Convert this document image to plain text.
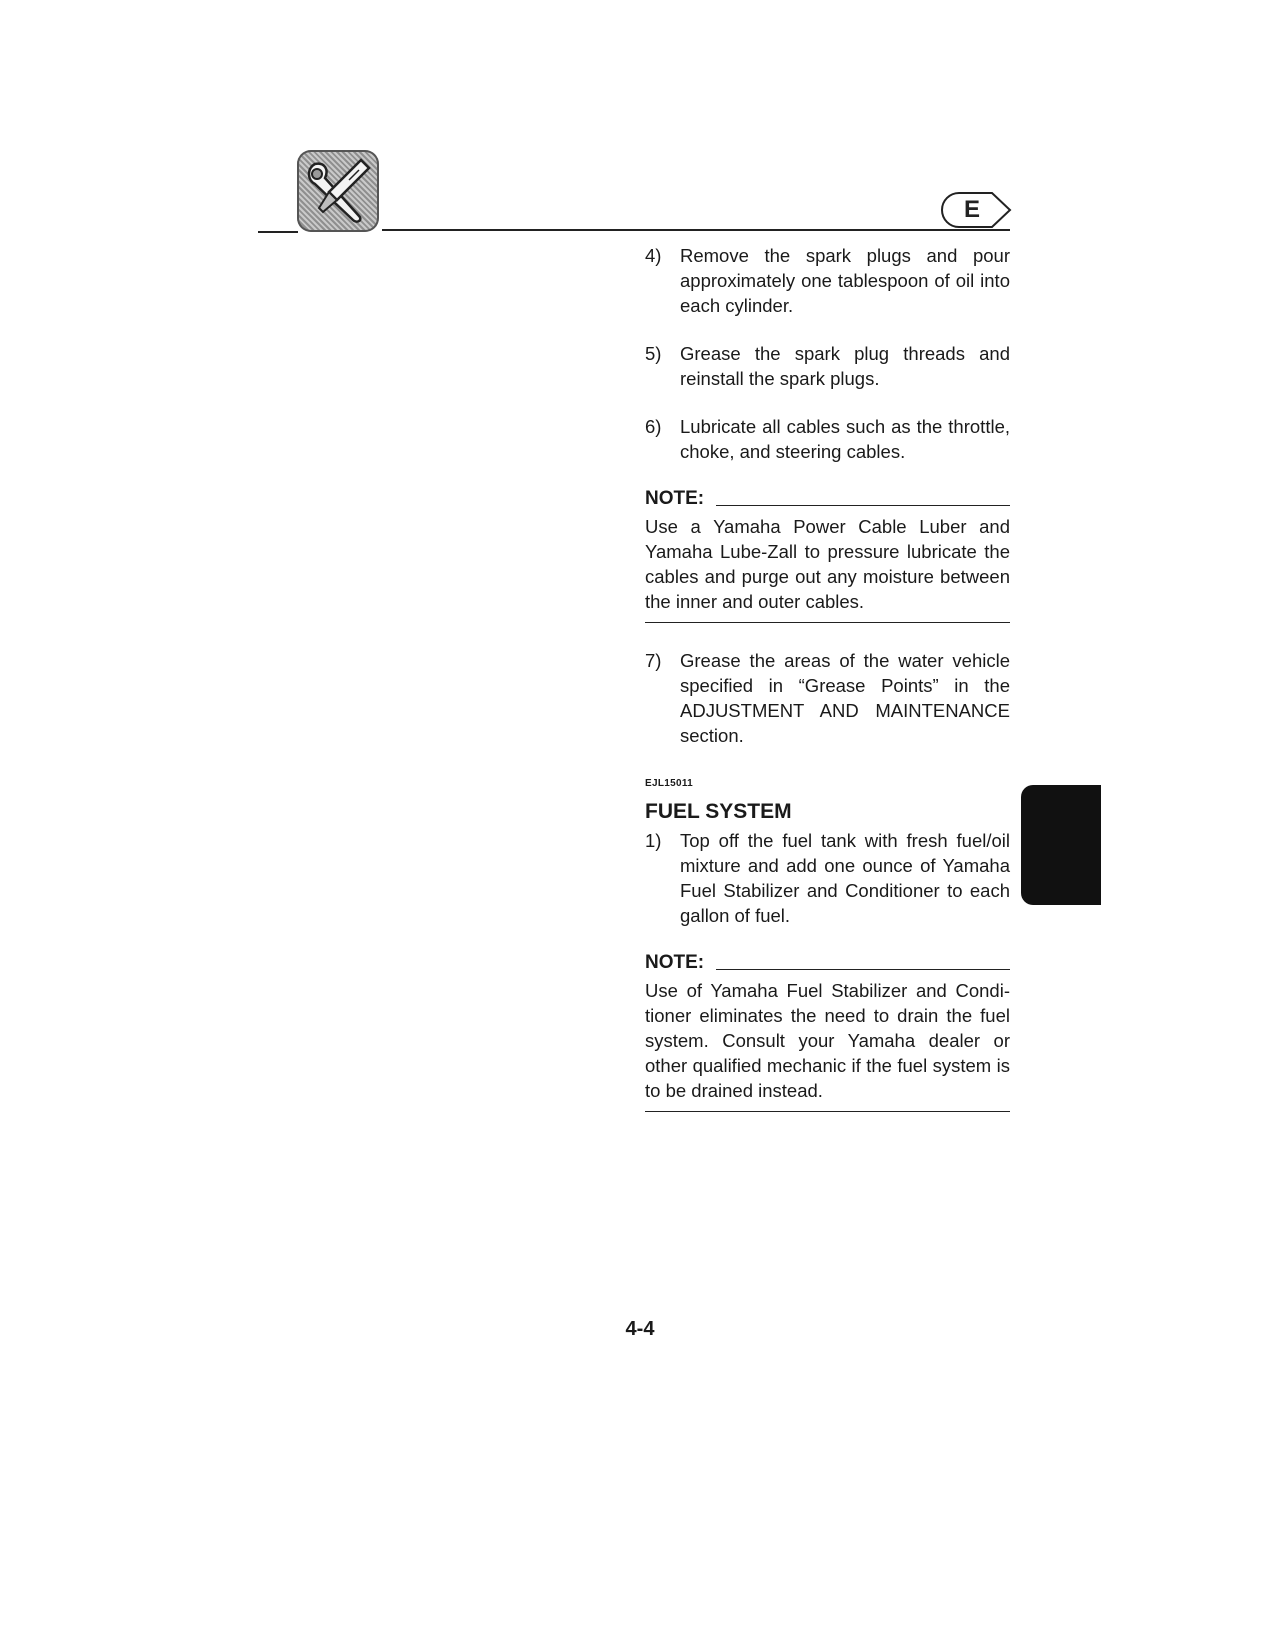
E
4)	Remove the spark plugs and pour approximately one tablespoon of oil into each cylinder.
5)	Grease the spark plug threads and reinstall the spark plugs.
6)	Lubricate all cables such as the throttle, choke, and steering cables.
NOTE:
Use a Yamaha Power Cable Luber and Yamaha Lube-Zall to pressure lubricate the cables and purge out any moisture between the inner and outer cables.
7)	Grease the areas of the water vehicle specified in “Grease Points” in the ADJUSTMENT AND MAINTENANCE section.
EJL15011
FUEL SYSTEM
1)	Top off the fuel tank with fresh fuel/oil mixture and add one ounce of Yamaha Fuel Stabilizer and Conditioner to each gallon of fuel.
NOTE:
Use of Yamaha Fuel Stabilizer and Conditioner eliminates the need to drain the fuel system. Consult your Yamaha dealer or other qualified mechanic if the fuel system is to be drained instead.
4-4
